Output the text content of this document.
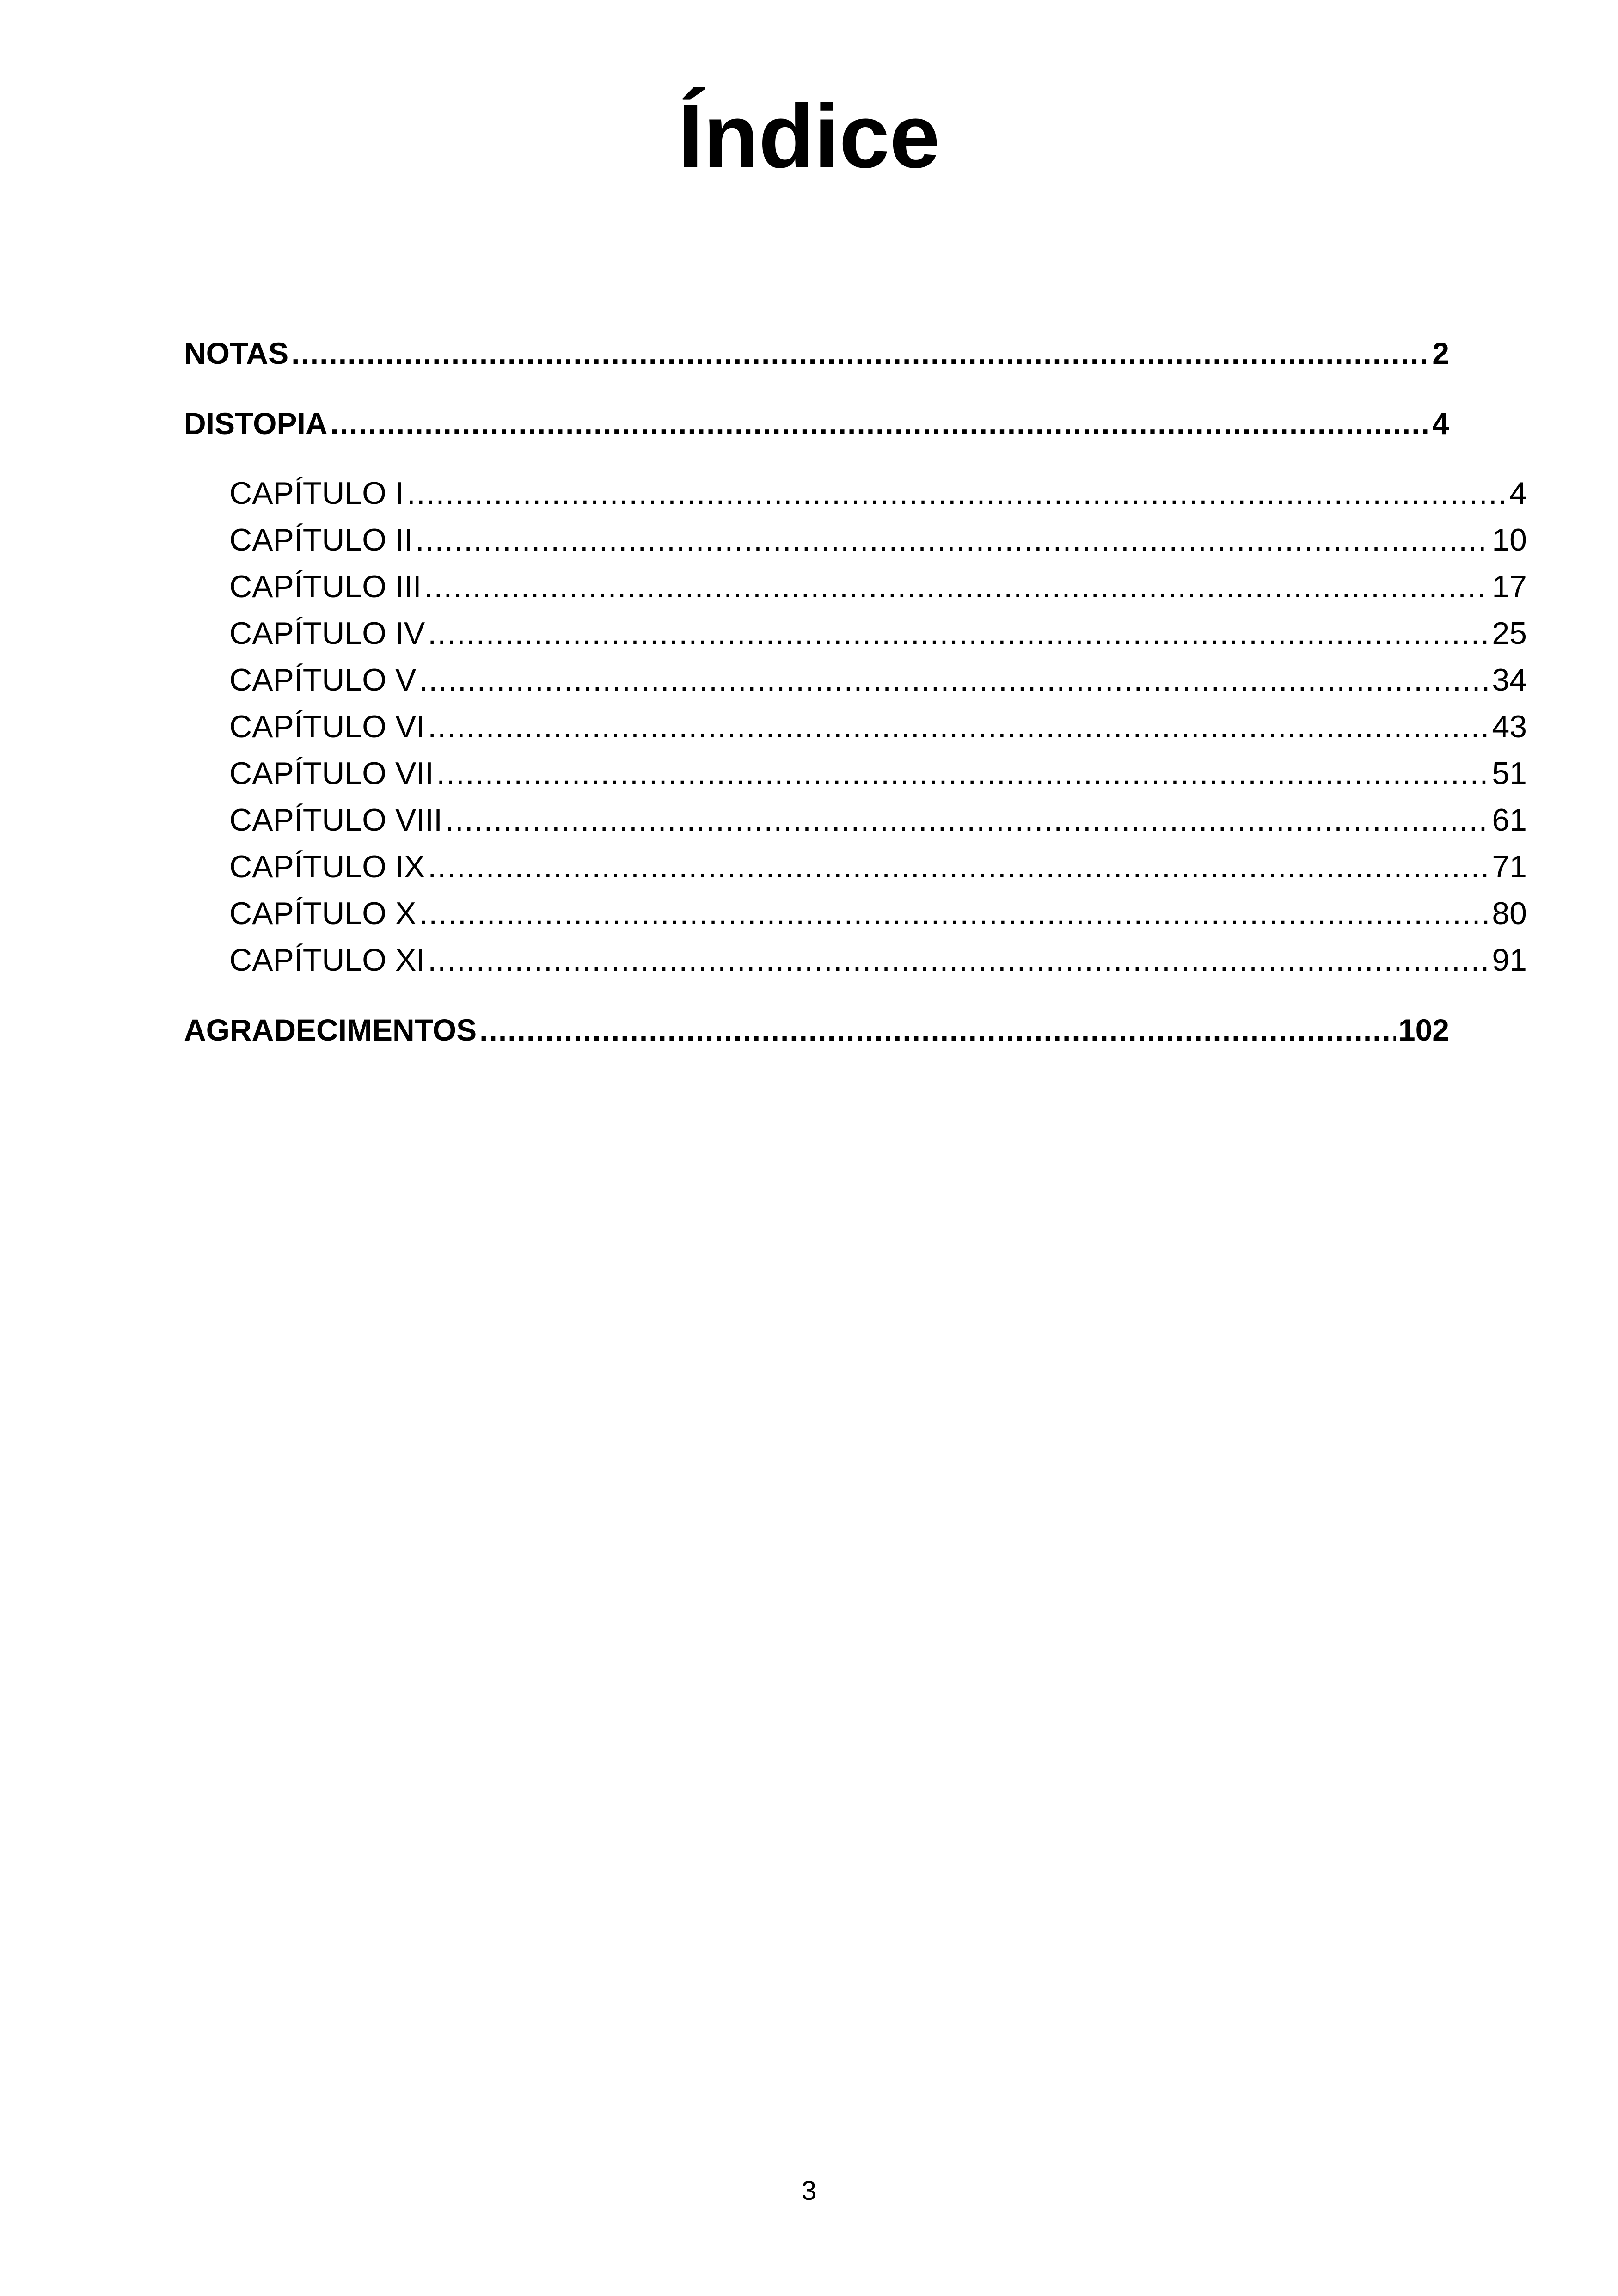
Índice
NOTAS .....	2
DISTOPIA .....	4
CAPÍTULO I .....	4
CAPÍTULO II .....	10
CAPÍTULO III .....	17
CAPÍTULO IV .....	25
CAPÍTULO V .....	34
CAPÍTULO VI .....	43
CAPÍTULO VII .....	51
CAPÍTULO VIII .....	61
CAPÍTULO IX .....	71
CAPÍTULO X .....	80
CAPÍTULO XI .....	91
AGRADECIMENTOS .....	102
3
